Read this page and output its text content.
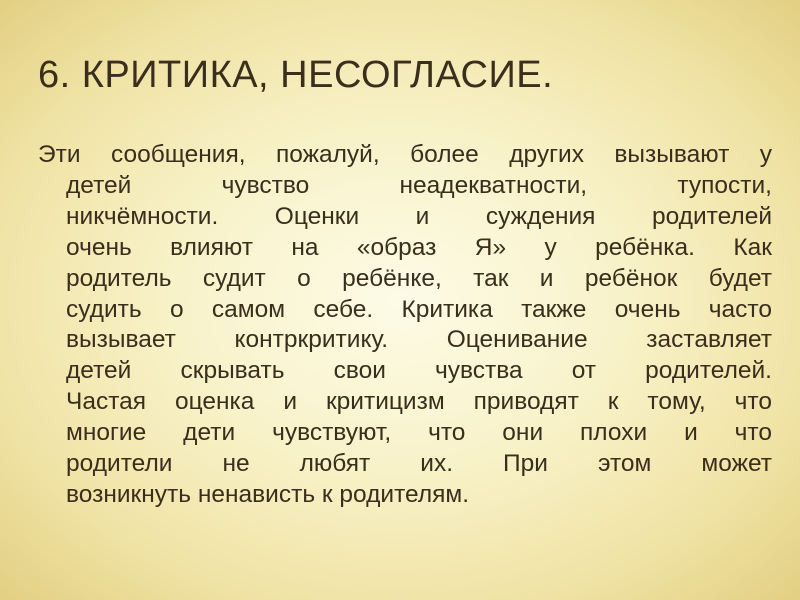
6. КРИТИКА, НЕСОГЛАСИЕ.
Эти сообщения, пожалуй, более других вызывают у
детей чувство неадекватности, тупости,
никчёмности. Оценки и суждения родителей
очень влияют на «образ Я» у ребёнка. Как
родитель судит о ребёнке, так и ребёнок будет
судить о самом себе. Критика также очень часто
вызывает контркритику. Оценивание заставляет
детей скрывать свои чувства от родителей.
Частая оценка и критицизм приводят к тому, что
многие дети чувствуют, что они плохи и что
родители не любят их. При этом может
возникнуть ненависть к родителям.
